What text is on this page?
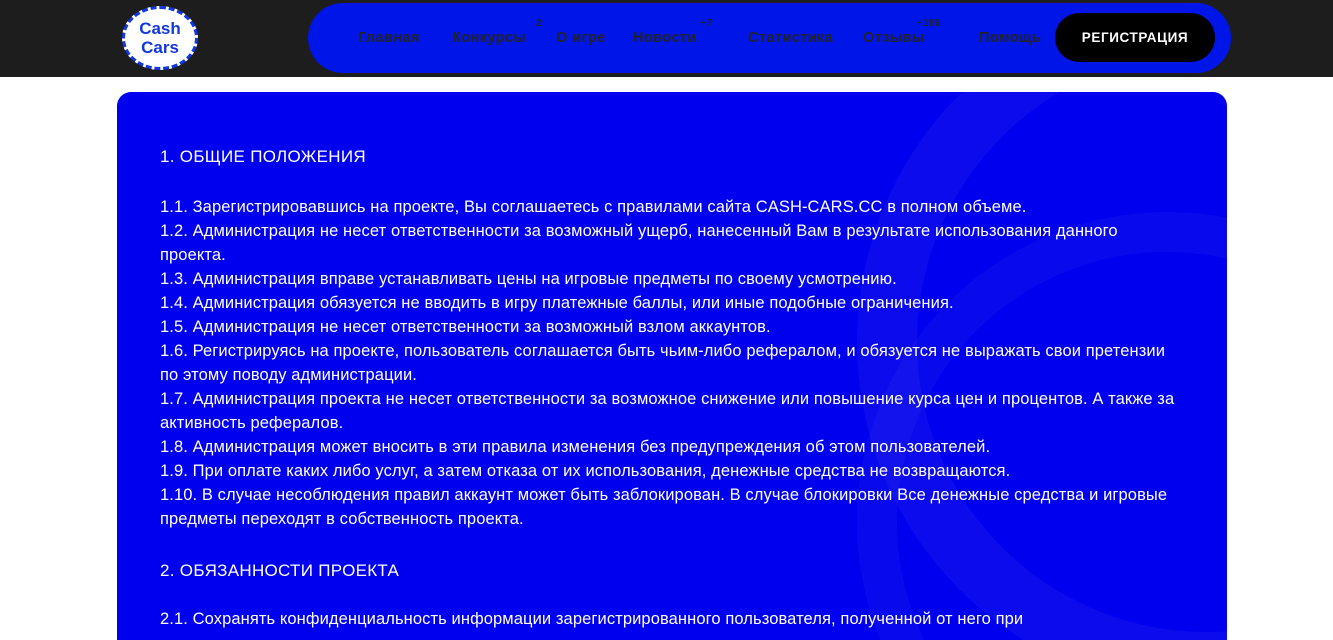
Cash
Cars	Главная Конкурсы
2
О игре Новости
+7
Статистика Отзывы
+186
Помощь	РЕГИСТРАЦИЯ
1. ОБЩИЕ ПОЛОЖЕНИЯ

1.1. Зарегистрировавшись на проекте, Вы соглашаетесь с правилами сайта CASH-CARS.CC в полном объеме.

1.2. Администрация не несет ответственности за возможный ущерб, нанесенный Вам в результате использования данного проекта.

1.3. Администрация вправе устанавливать цены на игровые предметы по своему усмотрению.

1.4. Администрация обязуется не вводить в игру платежные баллы, или иные подобные ограничения.

1.5. Администрация не несет ответственности за возможный взлом аккаунтов.

1.6. Регистрируясь на проекте, пользователь соглашается быть чьим-либо рефералом, и обязуется не выражать свои претензии по этому поводу администрации.

1.7. Администрация проекта не несет ответственности за возможное снижение или повышение курса цен и процентов. А также за активность рефералов.

1.8. Администрация может вносить в эти правила изменения без предупреждения об этом пользователей.

1.9. При оплате каких либо услуг, а затем отказа от их использования, денежные средства не возвращаются.

1.10. В случае несоблюдения правил аккаунт может быть заблокирован. В случае блокировки Все денежные средства и игровые предметы переходят в собственность проекта.

2. ОБЯЗАННОСТИ ПРОЕКТА

2.1. Сохранять конфиденциальность информации зарегистрированного пользователя, полученной от него при
